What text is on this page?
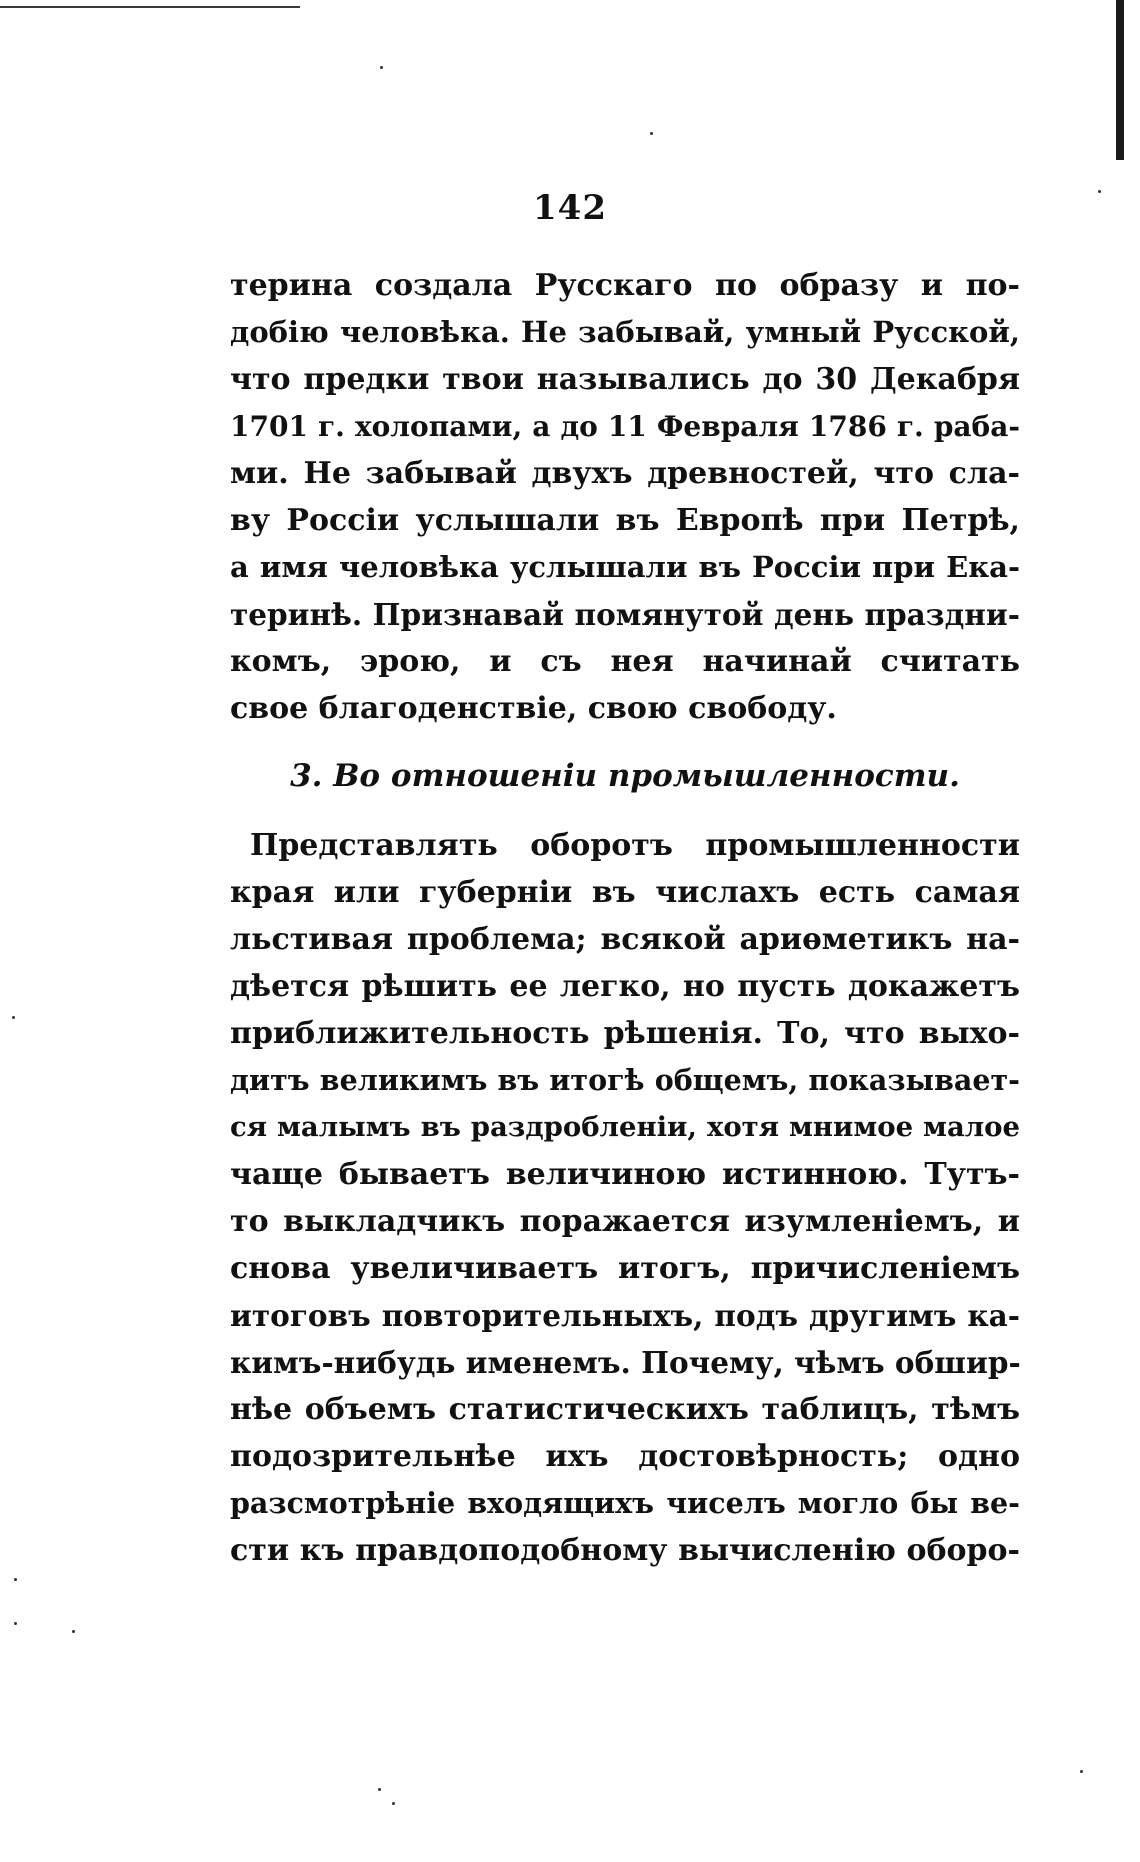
142
терина создала Русскаго по образу и по-
добію человѣка. Не забывай, умный Русской,
что предки твои назывались до 30 Декабря
1701 г. холопами, а до 11 Февраля 1786 г. раба-
ми. Не забывай двухъ древностей, что сла-
ву Россіи услышали въ Европѣ при Петрѣ,
а имя человѣка услышали въ Россіи при Ека-
теринѣ. Признавай помянутой день праздни-
комъ, эрою, и съ нея начинай считать
свое благоденствіе, свою свободу.
3. Во отношеніи промышленности.
Представлять оборотъ промышленности
края или губерніи въ числахъ есть самая
льстивая проблема; всякой ариѳметикъ на-
дѣется рѣшить ее легко, но пусть докажетъ
приближительность рѣшенія. То, что выхо-
дитъ великимъ въ итогѣ общемъ, показывает-
ся малымъ въ раздробленіи, хотя мнимое малое
чаще бываетъ величиною истинною. Тутъ-
то выкладчикъ поражается изумленіемъ, и
снова увеличиваетъ итогъ, причисленіемъ
итоговъ повторительныхъ, подъ другимъ ка-
кимъ-нибудь именемъ. Почему, чѣмъ обшир-
нѣе объемъ статистическихъ таблицъ, тѣмъ
подозрительнѣе ихъ достовѣрность; одно
разсмотрѣніе входящихъ чиселъ могло бы ве-
сти къ правдоподобному вычисленію оборо-
